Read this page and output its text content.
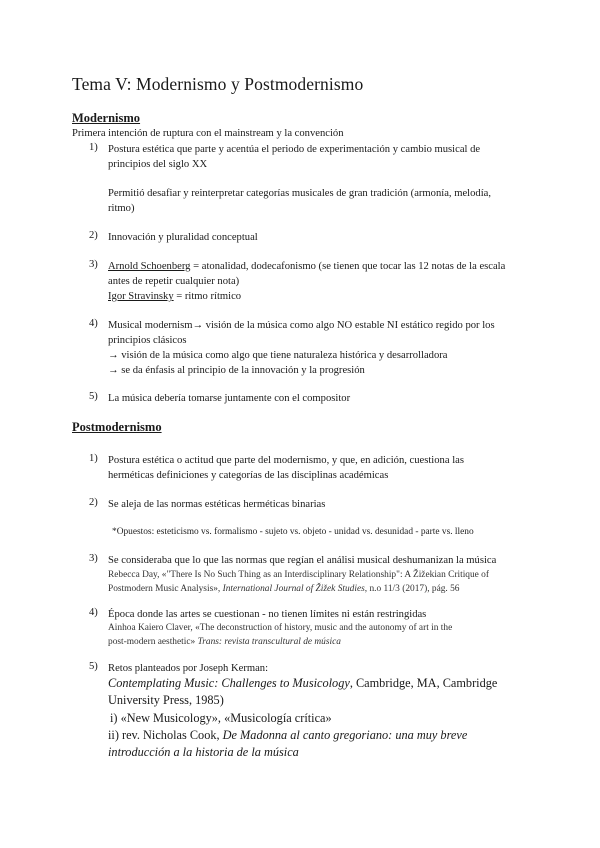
Tema V: Modernismo y Postmodernismo
Modernismo
Primera intención de ruptura con el mainstream y la convención
1) Postura estética que parte y acentúa el periodo de experimentación y cambio musical de
principios del siglo XX
Permitió desafiar y reinterpretar categorías musicales de gran tradición (armonía, melodía,
ritmo)
2) Innovación y pluralidad conceptual
3) Arnold Schoenberg = atonalidad, dodecafonismo (se tienen que tocar las 12 notas de la escala
antes de repetir cualquier nota)
Igor Stravinsky = ritmo rítmico
4) Musical modernism→ visión de la música como algo NO estable NI estático regido por los
principios clásicos
→ visión de la música como algo que tiene naturaleza histórica y desarrolladora
→ se da énfasis al principio de la innovación y la progresión
5) La música debería tomarse juntamente con el compositor
Postmodernismo
1) Postura estética o actitud que parte del modernismo, y que, en adición, cuestiona las
herméticas definiciones y categorías de las disciplinas académicas
2) Se aleja de las normas estéticas herméticas binarias
*Opuestos: esteticismo vs. formalismo - sujeto vs. objeto - unidad vs. desunidad - parte vs. lleno
3) Se consideraba que lo que las normas que regían el análisi musical deshumanizan la música
Rebecca Day, «"There Is No Such Thing as an Interdisciplinary Relationship": A Žižekian Critique of
Postmodern Music Analysis», International Journal of Žižek Studies, n.o 11/3 (2017), pág. 56
4) Época donde las artes se cuestionan - no tienen límites ni están restringidas
Ainhoa Kaiero Claver, «The deconstruction of history, music and the autonomy of art in the
post-modern aesthetic» Trans: revista transcultural de música
5) Retos planteados por Joseph Kerman:
Contemplating Music: Challenges to Musicology, Cambridge, MA, Cambridge
University Press, 1985)
i) «New Musicology», «Musicología crítica»
ii) rev. Nicholas Cook, De Madonna al canto gregoriano: una muy breve
introducción a la historia de la música
